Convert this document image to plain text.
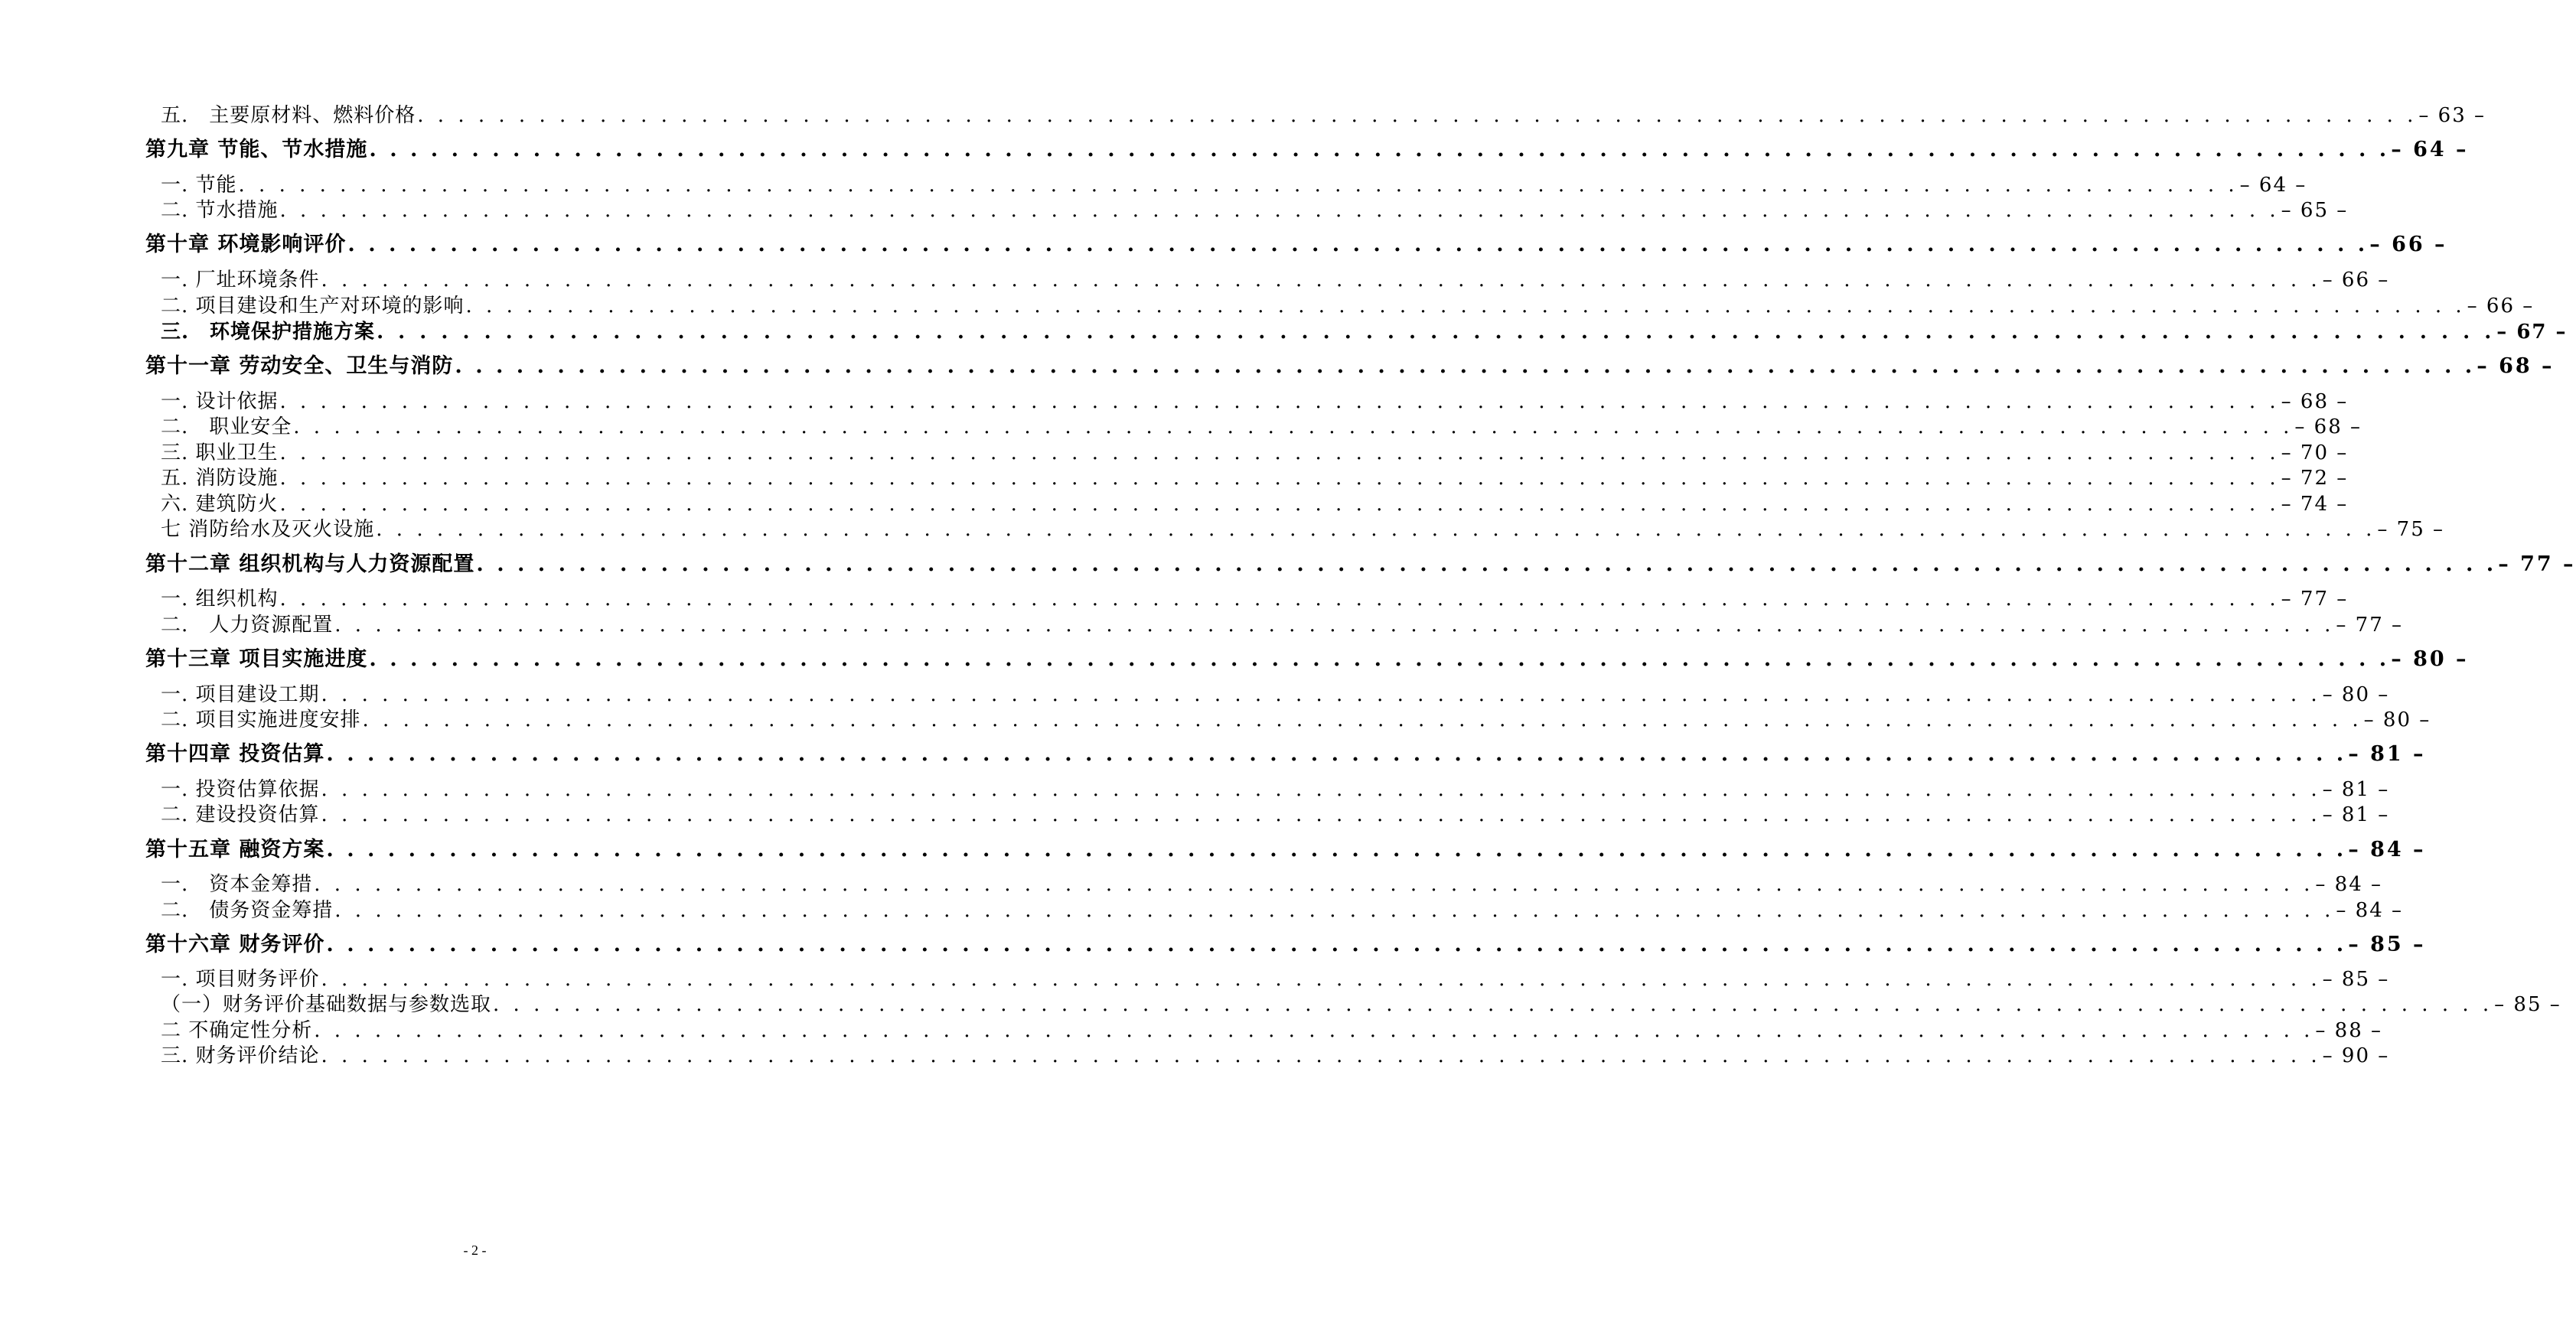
五.　主要原材料、燃料价格 . . . . . . . . . . . . . . . . . . . . . . . . . . . . . . . . . . . . . . . . . . . . . . . . . . . . . . . . . . . . . . . . . . . . . . . . . . . . . . . . . . . . . . . . . . . . . . . . . . . – 63 –
第九章 节能、节水措施 . . . . . . . . . . . . . . . . . . . . . . . . . . . . . . . . . . . . . . . . . . . . . . . . . . . . . . . . . . . . . . . . . . . . . . . . . . . . . . . . . . . . . . . . . . . . . . . . . . . – 64 –
一. 节能 . . . . . . . . . . . . . . . . . . . . . . . . . . . . . . . . . . . . . . . . . . . . . . . . . . . . . . . . . . . . . . . . . . . . . . . . . . . . . . . . . . . . . . . . . . . . . . . . . . . – 64 –
二. 节水措施 . . . . . . . . . . . . . . . . . . . . . . . . . . . . . . . . . . . . . . . . . . . . . . . . . . . . . . . . . . . . . . . . . . . . . . . . . . . . . . . . . . . . . . . . . . . . . . . . . . . – 65 –
第十章 环境影响评价 . . . . . . . . . . . . . . . . . . . . . . . . . . . . . . . . . . . . . . . . . . . . . . . . . . . . . . . . . . . . . . . . . . . . . . . . . . . . . . . . . . . . . . . . . . . . . . . . . . . – 66 –
一. 厂址环境条件 . . . . . . . . . . . . . . . . . . . . . . . . . . . . . . . . . . . . . . . . . . . . . . . . . . . . . . . . . . . . . . . . . . . . . . . . . . . . . . . . . . . . . . . . . . . . . . . . . . . – 66 –
二. 项目建设和生产对环境的影响 . . . . . . . . . . . . . . . . . . . . . . . . . . . . . . . . . . . . . . . . . . . . . . . . . . . . . . . . . . . . . . . . . . . . . . . . . . . . . . . . . . . . . . . . . . . . . . . . . . . – 66 –
三.　环境保护措施方案 . . . . . . . . . . . . . . . . . . . . . . . . . . . . . . . . . . . . . . . . . . . . . . . . . . . . . . . . . . . . . . . . . . . . . . . . . . . . . . . . . . . . . . . . . . . . . . . . . . . – 67 –
第十一章 劳动安全、卫生与消防 . . . . . . . . . . . . . . . . . . . . . . . . . . . . . . . . . . . . . . . . . . . . . . . . . . . . . . . . . . . . . . . . . . . . . . . . . . . . . . . . . . . . . . . . . . . . . . . . . . . – 68 –
一. 设计依据 . . . . . . . . . . . . . . . . . . . . . . . . . . . . . . . . . . . . . . . . . . . . . . . . . . . . . . . . . . . . . . . . . . . . . . . . . . . . . . . . . . . . . . . . . . . . . . . . . . . – 68 –
二.　职业安全 . . . . . . . . . . . . . . . . . . . . . . . . . . . . . . . . . . . . . . . . . . . . . . . . . . . . . . . . . . . . . . . . . . . . . . . . . . . . . . . . . . . . . . . . . . . . . . . . . . . – 68 –
三. 职业卫生 . . . . . . . . . . . . . . . . . . . . . . . . . . . . . . . . . . . . . . . . . . . . . . . . . . . . . . . . . . . . . . . . . . . . . . . . . . . . . . . . . . . . . . . . . . . . . . . . . . . – 70 –
五. 消防设施 . . . . . . . . . . . . . . . . . . . . . . . . . . . . . . . . . . . . . . . . . . . . . . . . . . . . . . . . . . . . . . . . . . . . . . . . . . . . . . . . . . . . . . . . . . . . . . . . . . . – 72 –
六. 建筑防火 . . . . . . . . . . . . . . . . . . . . . . . . . . . . . . . . . . . . . . . . . . . . . . . . . . . . . . . . . . . . . . . . . . . . . . . . . . . . . . . . . . . . . . . . . . . . . . . . . . . – 74 –
七 消防给水及灭火设施 . . . . . . . . . . . . . . . . . . . . . . . . . . . . . . . . . . . . . . . . . . . . . . . . . . . . . . . . . . . . . . . . . . . . . . . . . . . . . . . . . . . . . . . . . . . . . . . . . . . – 75 –
第十二章 组织机构与人力资源配置 . . . . . . . . . . . . . . . . . . . . . . . . . . . . . . . . . . . . . . . . . . . . . . . . . . . . . . . . . . . . . . . . . . . . . . . . . . . . . . . . . . . . . . . . . . . . . . . . . . . – 77 –
一. 组织机构 . . . . . . . . . . . . . . . . . . . . . . . . . . . . . . . . . . . . . . . . . . . . . . . . . . . . . . . . . . . . . . . . . . . . . . . . . . . . . . . . . . . . . . . . . . . . . . . . . . . – 77 –
二.　人力资源配置 . . . . . . . . . . . . . . . . . . . . . . . . . . . . . . . . . . . . . . . . . . . . . . . . . . . . . . . . . . . . . . . . . . . . . . . . . . . . . . . . . . . . . . . . . . . . . . . . . . . – 77 –
第十三章 项目实施进度 . . . . . . . . . . . . . . . . . . . . . . . . . . . . . . . . . . . . . . . . . . . . . . . . . . . . . . . . . . . . . . . . . . . . . . . . . . . . . . . . . . . . . . . . . . . . . . . . . . . – 80 –
一. 项目建设工期 . . . . . . . . . . . . . . . . . . . . . . . . . . . . . . . . . . . . . . . . . . . . . . . . . . . . . . . . . . . . . . . . . . . . . . . . . . . . . . . . . . . . . . . . . . . . . . . . . . . – 80 –
二. 项目实施进度安排 . . . . . . . . . . . . . . . . . . . . . . . . . . . . . . . . . . . . . . . . . . . . . . . . . . . . . . . . . . . . . . . . . . . . . . . . . . . . . . . . . . . . . . . . . . . . . . . . . . . – 80 –
第十四章 投资估算 . . . . . . . . . . . . . . . . . . . . . . . . . . . . . . . . . . . . . . . . . . . . . . . . . . . . . . . . . . . . . . . . . . . . . . . . . . . . . . . . . . . . . . . . . . . . . . . . . . . – 81 –
一. 投资估算依据 . . . . . . . . . . . . . . . . . . . . . . . . . . . . . . . . . . . . . . . . . . . . . . . . . . . . . . . . . . . . . . . . . . . . . . . . . . . . . . . . . . . . . . . . . . . . . . . . . . . – 81 –
二. 建设投资估算 . . . . . . . . . . . . . . . . . . . . . . . . . . . . . . . . . . . . . . . . . . . . . . . . . . . . . . . . . . . . . . . . . . . . . . . . . . . . . . . . . . . . . . . . . . . . . . . . . . . – 81 –
第十五章 融资方案 . . . . . . . . . . . . . . . . . . . . . . . . . . . . . . . . . . . . . . . . . . . . . . . . . . . . . . . . . . . . . . . . . . . . . . . . . . . . . . . . . . . . . . . . . . . . . . . . . . . – 84 –
一.　资本金筹措 . . . . . . . . . . . . . . . . . . . . . . . . . . . . . . . . . . . . . . . . . . . . . . . . . . . . . . . . . . . . . . . . . . . . . . . . . . . . . . . . . . . . . . . . . . . . . . . . . . . – 84 –
二.　债务资金筹措 . . . . . . . . . . . . . . . . . . . . . . . . . . . . . . . . . . . . . . . . . . . . . . . . . . . . . . . . . . . . . . . . . . . . . . . . . . . . . . . . . . . . . . . . . . . . . . . . . . . – 84 –
第十六章 财务评价 . . . . . . . . . . . . . . . . . . . . . . . . . . . . . . . . . . . . . . . . . . . . . . . . . . . . . . . . . . . . . . . . . . . . . . . . . . . . . . . . . . . . . . . . . . . . . . . . . . . – 85 –
一. 项目财务评价 . . . . . . . . . . . . . . . . . . . . . . . . . . . . . . . . . . . . . . . . . . . . . . . . . . . . . . . . . . . . . . . . . . . . . . . . . . . . . . . . . . . . . . . . . . . . . . . . . . . – 85 –
（一）财务评价基础数据与参数选取 . . . . . . . . . . . . . . . . . . . . . . . . . . . . . . . . . . . . . . . . . . . . . . . . . . . . . . . . . . . . . . . . . . . . . . . . . . . . . . . . . . . . . . . . . . . . . . . . . . . – 85 –
二 不确定性分析 . . . . . . . . . . . . . . . . . . . . . . . . . . . . . . . . . . . . . . . . . . . . . . . . . . . . . . . . . . . . . . . . . . . . . . . . . . . . . . . . . . . . . . . . . . . . . . . . . . . – 88 –
三. 财务评价结论 . . . . . . . . . . . . . . . . . . . . . . . . . . . . . . . . . . . . . . . . . . . . . . . . . . . . . . . . . . . . . . . . . . . . . . . . . . . . . . . . . . . . . . . . . . . . . . . . . . . – 90 –
- 2 -
